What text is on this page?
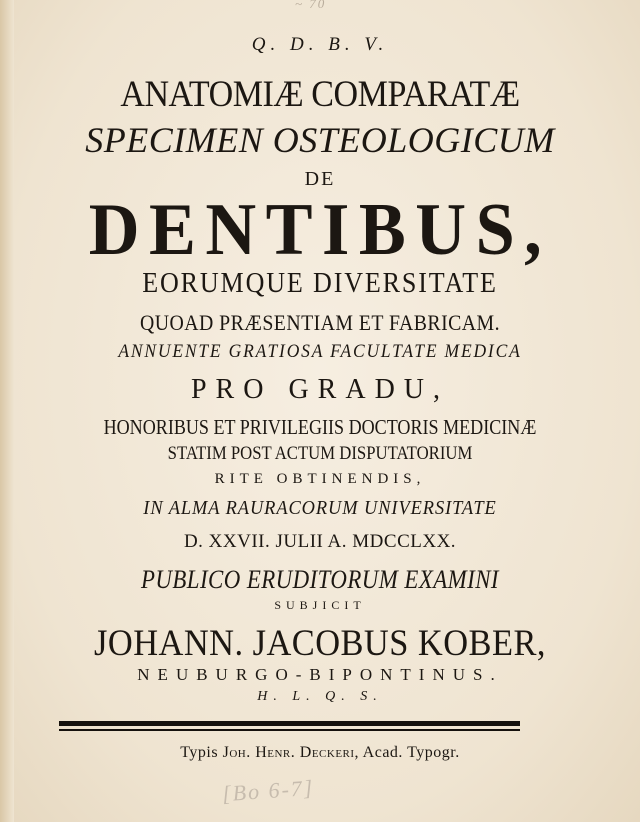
~ 70
Q. D. B. V.
ANATOMIÆ COMPARATÆ
SPECIMEN OSTEOLOGICUM
DE
DENTIBUS,
EORUMQUE DIVERSITATE
QUOAD PRÆSENTIAM ET FABRICAM.
ANNUENTE GRATIOSA FACULTATE MEDICA
PRO GRADU,
HONORIBUS ET PRIVILEGIIS DOCTORIS MEDICINÆ
STATIM POST ACTUM DISPUTATORIUM
RITE OBTINENDIS,
IN ALMA RAURACORUM UNIVERSITATE
D. XXVII. JULII A. MDCCLXX.
PUBLICO ERUDITORUM EXAMINI
SUBJICIT
JOHANN. JACOBUS KOBER,
NEUBURGO-BIPONTINUS.
H. L. Q. S.
Typis Joh. Henr. Deckeri, Acad. Typogr.
[Bo 6-7]
